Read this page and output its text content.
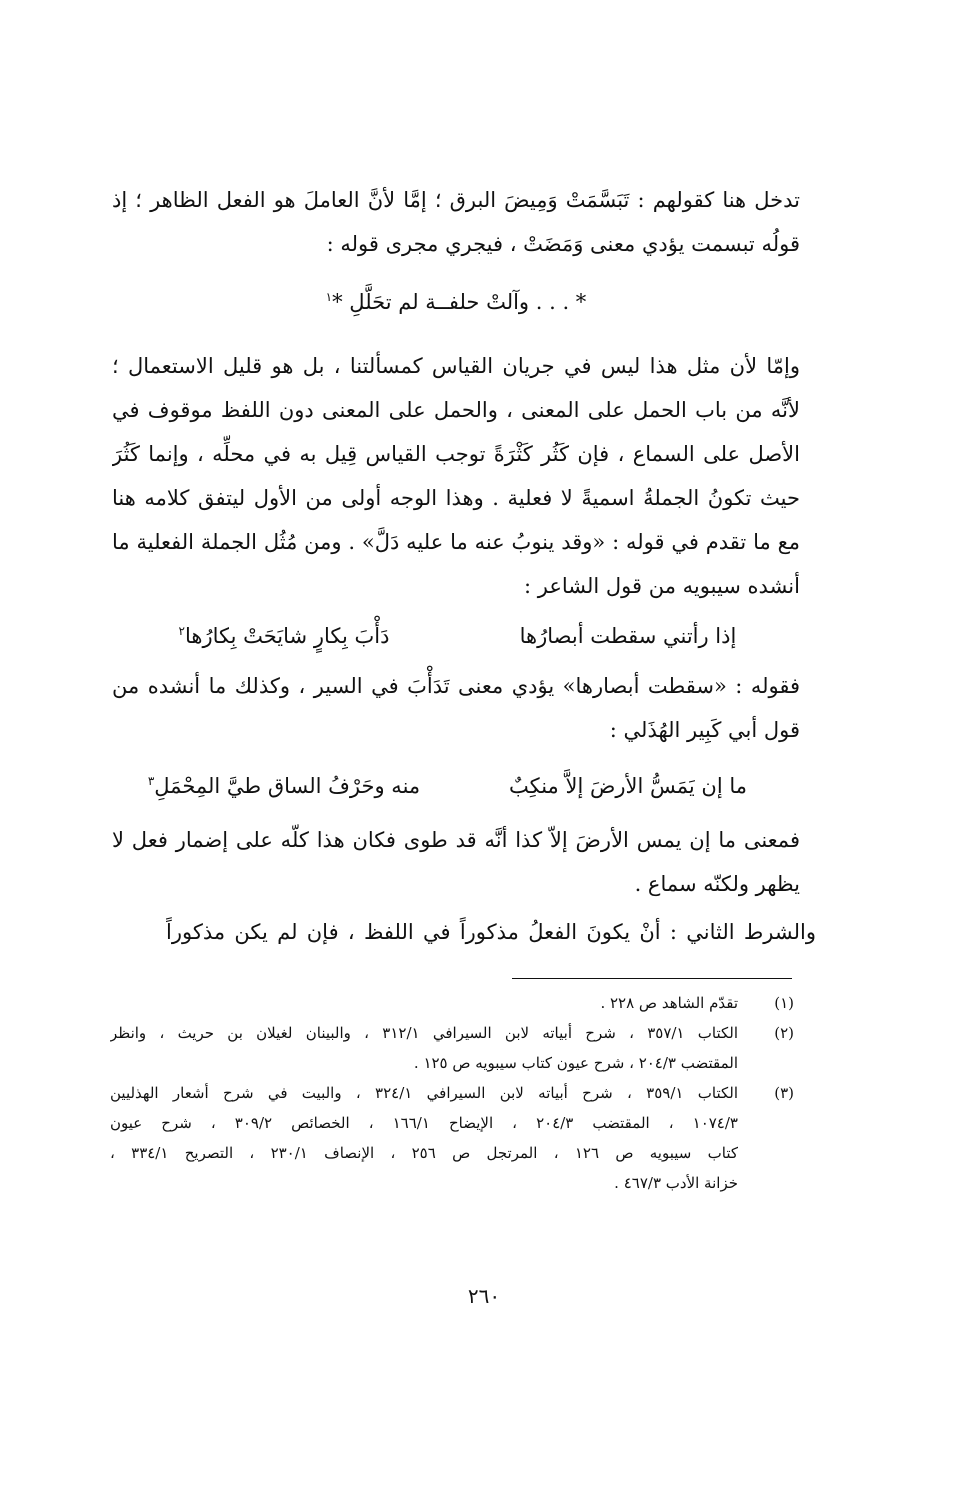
تدخل هنا كقولهم : تَبَسَّمَتْ وَمِيضَ البرق ؛ إمَّا لأنَّ العاملَ هو الفعل الظاهر ؛ إذ
قولُه تبسمت يؤدي معنى وَمَضَتْ ، فيجري مجرى قوله :
* . . . وآلتْ حلفــة لم تحَلَّلِ *$^١$
وإمّا لأن مثل هذا ليس في جريان القياس كمسألتنا ، بل هو قليل الاستعمال ؛
لأنَّه من باب الحمل على المعنى ، والحمل على المعنى دون اللفظ موقوف في
الأصل على السماع ، فإن كَثُر كَثْرَةً توجب القياس قِيل به في محلِّه ، وإنما كَثُرَ
حيث تكونُ الجملةُ اسميةً لا فعلية . وهذا الوجه أولى من الأول ليتفق كلامه هنا
مع ما تقدم في قوله : «وقد ينوبُ عنه ما عليه دَلَّ» . ومن مُثُل الجملة الفعلية ما
أنشده سيبويه من قول الشاعر :
إذا رأتني سقطت أبصارُها
دَأْبَ بِكارٍ شايَحَتْ بِكارُها$^٢$
فقوله : «سقطت أبصارها» يؤدي معنى تَدَأْبَ في السير ، وكذلك ما أنشده من
قول أبي كَبِير الهُذَلي :
ما إن يَمَسُّ الأرضَ إلاَّ منكِبٌ
منه وحَرْفُ الساق طيَّ المِحْمَلِ$^٣$
فمعنى ما إن يمس الأرضَ إلاّ كذا أنَّه قد طوى فكان هذا كلّه على إضمار فعل لا
يظهر ولكنّه سماع .
والشرط الثاني : أنْ يكونَ الفعلُ مذكوراً في اللفظ ، فإن لم يكن مذكوراً
(١)
تقدّم الشاهد ص ٢٢٨ .
(٢)
الكتاب ٣٥٧/١ ، شرح أبياته لابن السيرافي ٣١٢/١ ، والبينان لغيلان بن حريث ، وانظر
المقتضب ٢٠٤/٣ ، شرح عيون كتاب سيبويه ص ١٢٥ .
(٣)
الكتاب ٣٥٩/١ ، شرح أبياته لابن السيرافي ٣٢٤/١ ، والبيت في شرح أشعار الهذليين
١٠٧٤/٣ ، المقتضب ٢٠٤/٣ ، الإيضاح ١٦٦/١ ، الخصائص ٣٠٩/٢ ، شرح عيون
كتاب سيبويه ص ١٢٦ ، المرتجل ص ٢٥٦ ، الإنصاف ٢٣٠/١ ، التصريح ٣٣٤/١ ،
خزانة الأدب ٤٦٧/٣ .
٢٦٠
